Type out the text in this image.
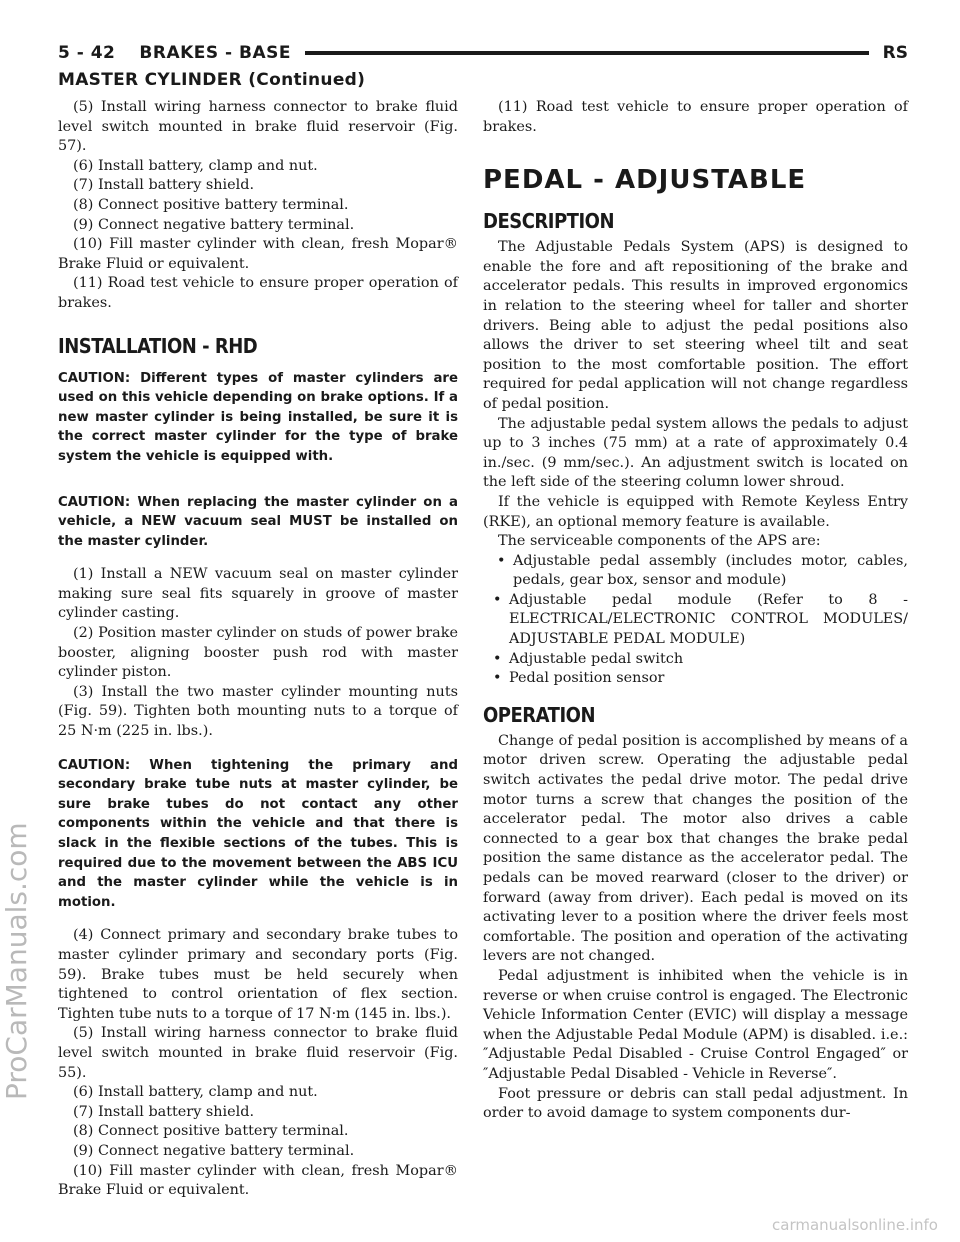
5 - 42 BRAKES - BASE	RS
MASTER CYLINDER (Continued)

(5) Install wiring harness connector to brake fluid level switch mounted in brake fluid reservoir (Fig. 57).

(6) Install battery, clamp and nut.

(7) Install battery shield.

(8) Connect positive battery terminal.

(9) Connect negative battery terminal.

(10) Fill master cylinder with clean, fresh Mopar® Brake Fluid or equivalent.

(11) Road test vehicle to ensure proper operation of brakes.

INSTALLATION - RHD

CAUTION: Different types of master cylinders are used on this vehicle depending on brake options. If a new master cylinder is being installed, be sure it is the correct master cylinder for the type of brake system the vehicle is equipped with.

CAUTION: When replacing the master cylinder on a vehicle, a NEW vacuum seal MUST be installed on the master cylinder.

(1) Install a NEW vacuum seal on master cylinder making sure seal fits squarely in groove of master cylinder casting.

(2) Position master cylinder on studs of power brake booster, aligning booster push rod with master cylinder piston.

(3) Install the two master cylinder mounting nuts (Fig. 59). Tighten both mounting nuts to a torque of 25 N·m (225 in. lbs.).

CAUTION: When tightening the primary and secondary brake tube nuts at master cylinder, be sure brake tubes do not contact any other components within the vehicle and that there is slack in the flexible sections of the tubes. This is required due to the movement between the ABS ICU and the master cylinder while the vehicle is in motion.

(4) Connect primary and secondary brake tubes to master cylinder primary and secondary ports (Fig. 59). Brake tubes must be held securely when tightened to control orientation of flex section. Tighten tube nuts to a torque of 17 N·m (145 in. lbs.).

(5) Install wiring harness connector to brake fluid level switch mounted in brake fluid reservoir (Fig. 55).

(6) Install battery, clamp and nut.

(7) Install battery shield.

(8) Connect positive battery terminal.

(9) Connect negative battery terminal.

(10) Fill master cylinder with clean, fresh Mopar® Brake Fluid or equivalent.

(11) Road test vehicle to ensure proper operation of brakes.

PEDAL - ADJUSTABLE
DESCRIPTION

The Adjustable Pedals System (APS) is designed to enable the fore and aft repositioning of the brake and accelerator pedals. This results in improved ergonomics in relation to the steering wheel for taller and shorter drivers. Being able to adjust the pedal positions also allows the driver to set steering wheel tilt and seat position to the most comfortable position. The effort required for pedal application will not change regardless of pedal position.

The adjustable pedal system allows the pedals to adjust up to 3 inches (75 mm) at a rate of approximately 0.4 in./sec. (9 mm/sec.). An adjustment switch is located on the left side of the steering column lower shroud.

If the vehicle is equipped with Remote Keyless Entry (RKE), an optional memory feature is available.

The serviceable components of the APS are:

• Adjustable pedal assembly (includes motor, cables, pedals, gear box, sensor and module)
• Adjustable pedal module (Refer to 8 - ELECTRICAL/ELECTRONIC CONTROL MODULES/ ADJUSTABLE PEDAL MODULE)
• Adjustable pedal switch
• Pedal position sensor
OPERATION

Change of pedal position is accomplished by means of a motor driven screw. Operating the adjustable pedal switch activates the pedal drive motor. The pedal drive motor turns a screw that changes the position of the accelerator pedal. The motor also drives a cable connected to a gear box that changes the brake pedal position the same distance as the accelerator pedal. The pedals can be moved rearward (closer to the driver) or forward (away from driver). Each pedal is moved on its activating lever to a position where the driver feels most comfortable. The position and operation of the activating levers are not changed.

Pedal adjustment is inhibited when the vehicle is in reverse or when cruise control is engaged. The Electronic Vehicle Information Center (EVIC) will display a message when the Adjustable Pedal Module (APM) is disabled. i.e.: ″Adjustable Pedal Disabled - Cruise Control Engaged″ or ″Adjustable Pedal Disabled - Vehicle in Reverse″.

Foot pressure or debris can stall pedal adjustment. In order to avoid damage to system components dur-

ProCarManuals.com
carmanualsonline.info
